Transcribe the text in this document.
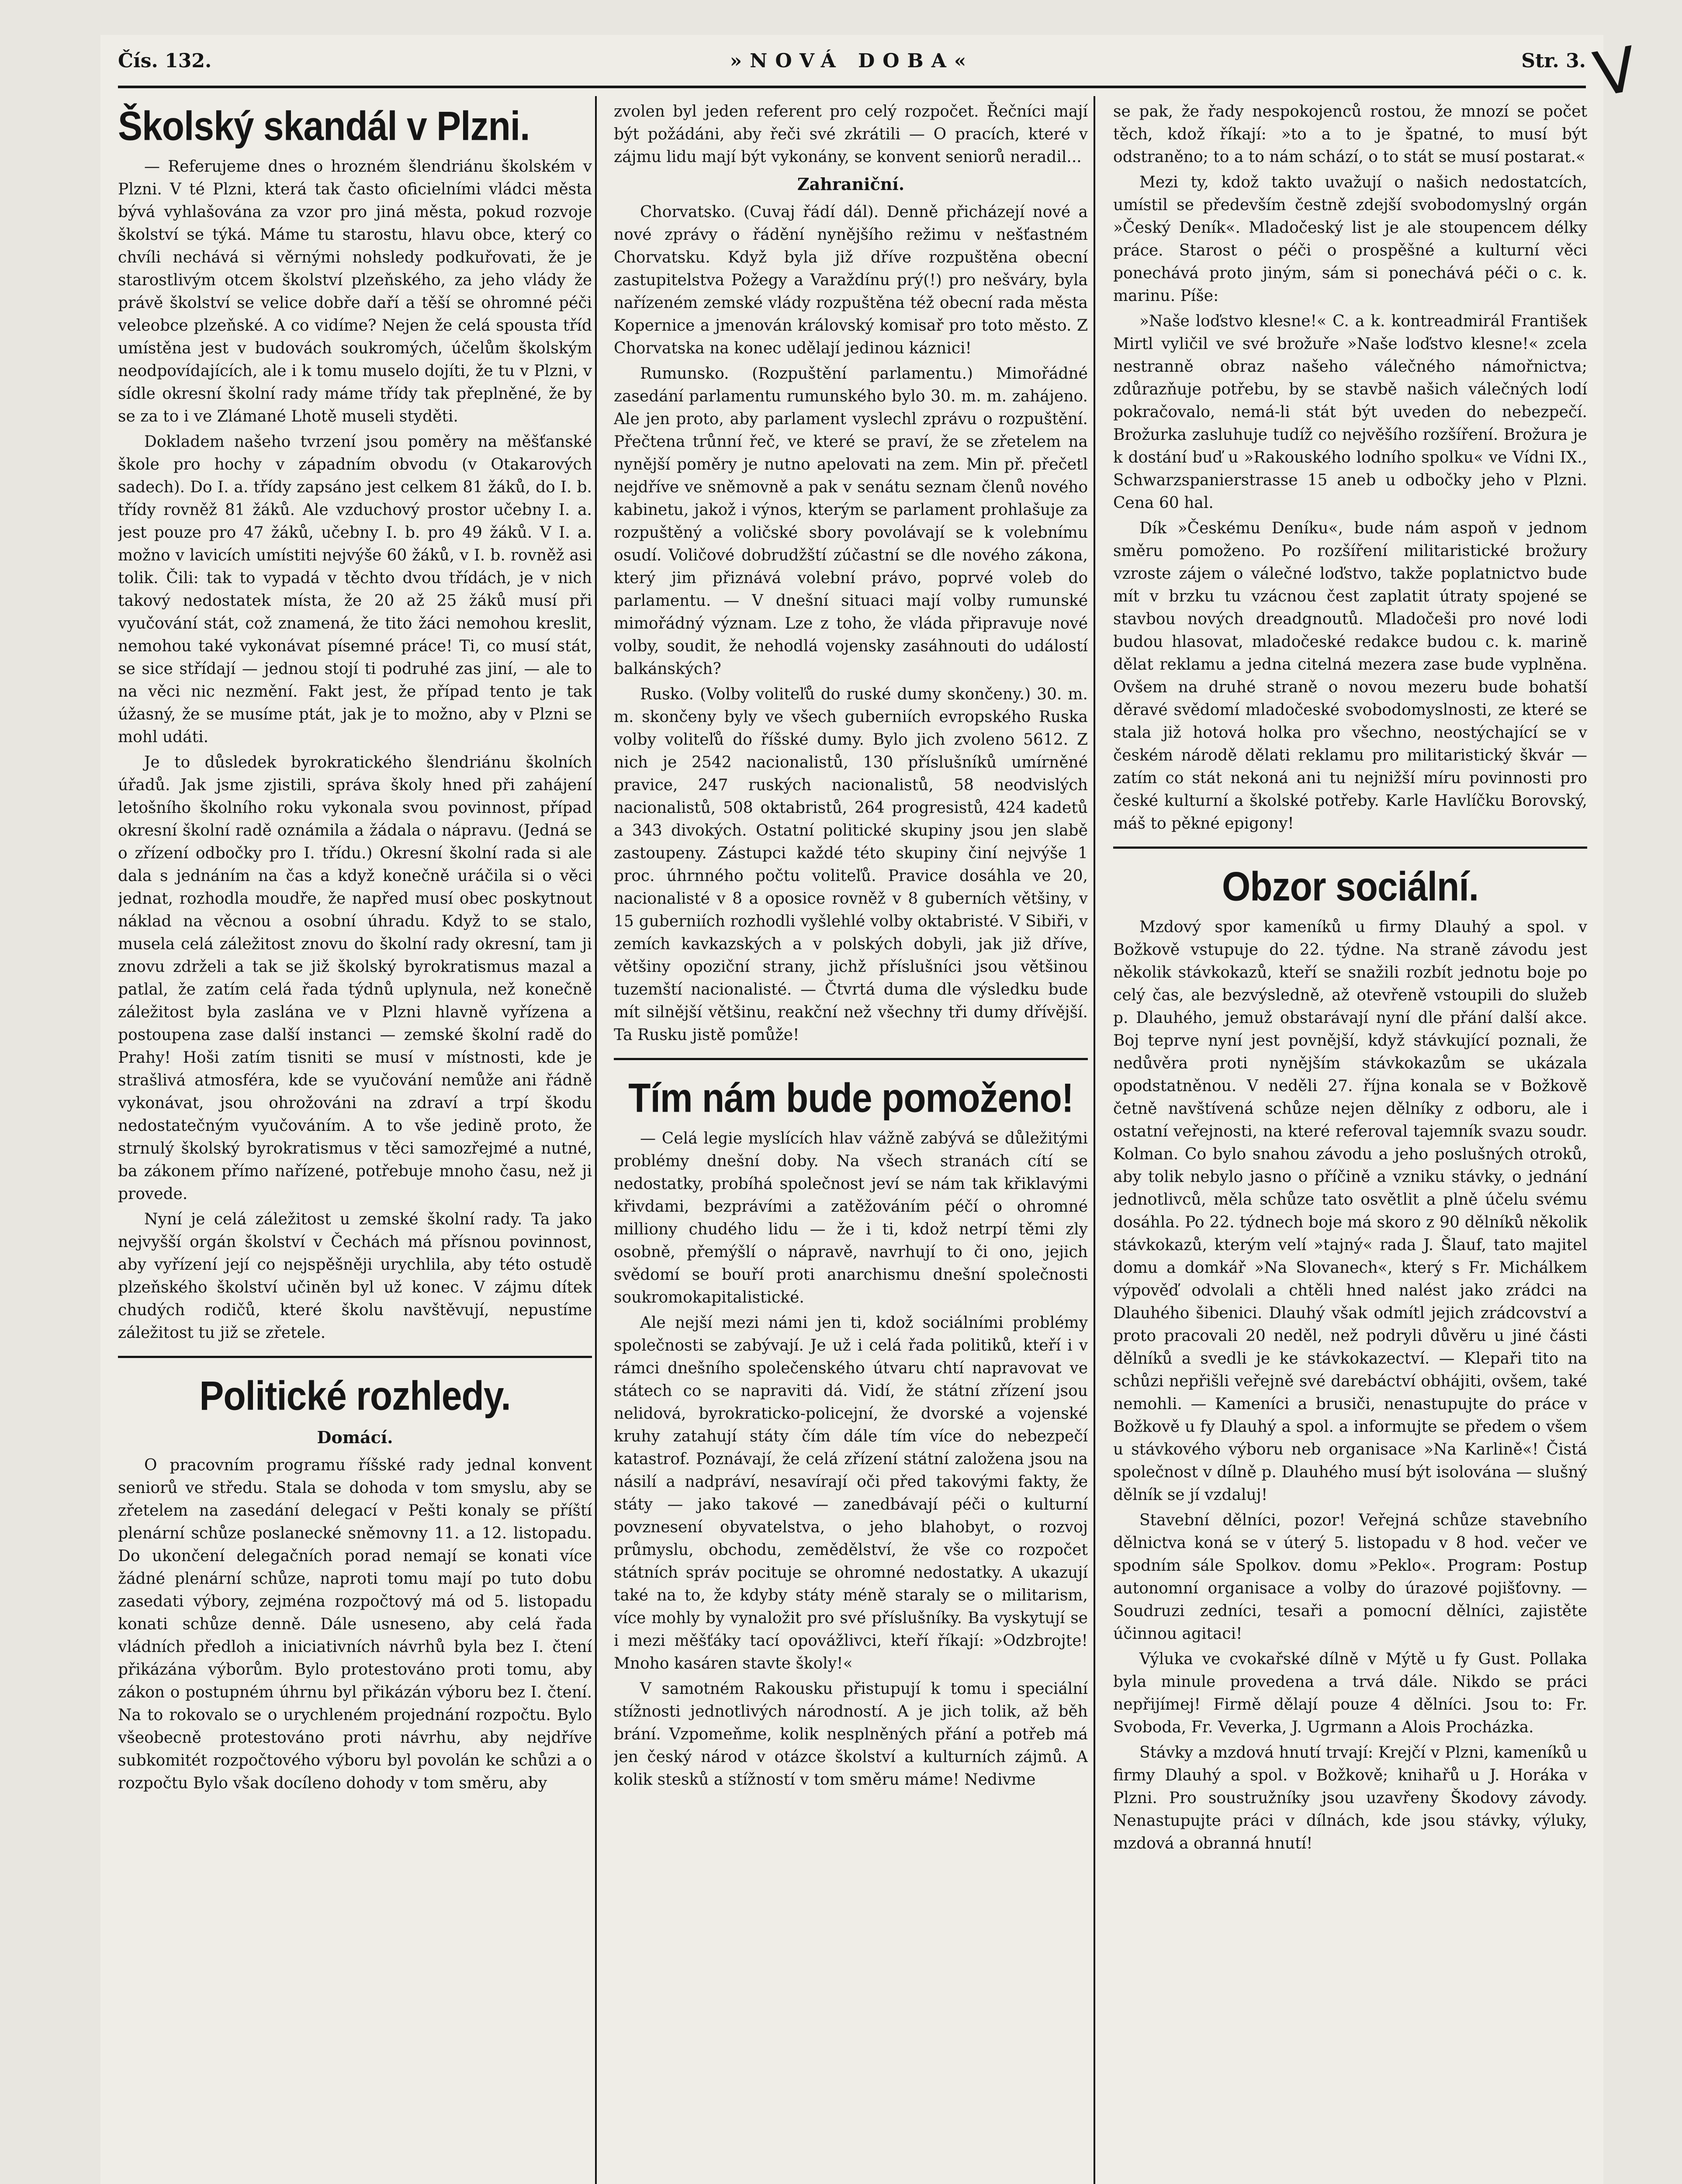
Čís. 132.	»NOVÁ DOBA«	Str. 3.
Školský skandál v Plzni.

— Referujeme dnes o hrozném šlendriánu školském v Plzni. V té Plzni, která tak často oficielními vládci města bývá vyhlašována za vzor pro jiná města, pokud rozvoje školství se týká. Máme tu starostu, hlavu obce, který co chvíli nechává si věrnými nohsledy podkuřovati, že je starostlivým otcem školství plzeňského, za jeho vlády že právě školství se velice dobře daří a těší se ohromné péči veleobce plzeňské. A co vidíme? Nejen že celá spousta tříd umístěna jest v budovách soukromých, účelům školským neodpovídajících, ale i k tomu muselo dojíti, že tu v Plzni, v sídle okresní školní rady máme třídy tak přeplněné, že by se za to i ve Zlámané Lhotě museli styděti.

Dokladem našeho tvrzení jsou poměry na měšťanské škole pro hochy v západním obvodu (v Otakarových sadech). Do I. a. třídy zapsáno jest celkem 81 žáků, do I. b. třídy rovněž 81 žáků. Ale vzduchový prostor učebny I. a. jest pouze pro 47 žáků, učebny I. b. pro 49 žáků. V I. a. možno v lavicích umístiti nejvýše 60 žáků, v I. b. rovněž asi tolik. Čili: tak to vypadá v těchto dvou třídách, je v nich takový nedostatek místa, že 20 až 25 žáků musí při vyučování stát, což znamená, že tito žáci nemohou kreslit, nemohou také vykonávat písemné práce! Ti, co musí stát, se sice střídají — jednou stojí ti podruhé zas jiní, — ale to na věci nic nezmění. Fakt jest, že případ tento je tak úžasný, že se musíme ptát, jak je to možno, aby v Plzni se mohl udáti.

Je to důsledek byrokratického šlendriánu školních úřadů. Jak jsme zjistili, správa školy hned při zahájení letošního školního roku vykonala svou povinnost, případ okresní školní radě oznámila a žádala o nápravu. (Jedná se o zřízení odbočky pro I. třídu.) Okresní školní rada si ale dala s jednáním na čas a když konečně uráčila si o věci jednat, rozhodla moudře, že napřed musí obec poskytnout náklad na věcnou a osobní úhradu. Když to se stalo, musela celá záležitost znovu do školní rady okresní, tam ji znovu zdrželi a tak se již školský byrokratismus mazal a patlal, že zatím celá řada týdnů uplynula, než konečně záležitost byla zaslána ve v Plzni hlavně vyřízena a postoupena zase další instanci — zemské školní radě do Prahy! Hoši zatím tisniti se musí v místnosti, kde je strašlivá atmosféra, kde se vyučování nemůže ani řádně vykonávat, jsou ohrožováni na zdraví a trpí škodu nedostatečným vyučováním. A to vše jedině proto, že strnulý školský byrokratismus v těci samozřejmé a nutné, ba zákonem přímo nařízené, potřebuje mnoho času, než ji provede.

Nyní je celá záležitost u zemské školní rady. Ta jako nejvyšší orgán školství v Čechách má přísnou povinnost, aby vyřízení její co nejspěšněji urychlila, aby této ostudě plzeňského školství učiněn byl už konec. V zájmu dítek chudých rodičů, které školu navštěvují, nepustíme záležitost tu již se zřetele.

Politické rozhledy.
Domácí.

O pracovním programu říšské rady jednal konvent seniorů ve středu. Stala se dohoda v tom smyslu, aby se zřetelem na zasedání delegací v Pešti konaly se příští plenární schůze poslanecké sněmovny 11. a 12. listopadu. Do ukončení delegačních porad nemají se konati více žádné plenární schůze, naproti tomu mají po tuto dobu zasedati výbory, zejména rozpočtový má od 5. listopadu konati schůze denně. Dále usneseno, aby celá řada vládních předloh a iniciativních návrhů byla bez I. čtení přikázána výborům. Bylo protestováno proti tomu, aby zákon o postupném úhrnu byl přikázán výboru bez I. čtení. Na to rokovalo se o urychleném projednání rozpočtu. Bylo všeobecně protestováno proti návrhu, aby nejdříve subkomitét rozpočtového výboru byl povolán ke schůzi a o rozpočtu Bylo však docíleno dohody v tom směru, aby

zvolen byl jeden referent pro celý rozpočet. Řečníci mají být požádáni, aby řeči své zkrátili — O pracích, které v zájmu lidu mají být vykonány, se konvent seniorů neradil...

Zahraniční.

Chorvatsko. (Cuvaj řádí dál). Denně přicházejí nové a nové zprávy o řádění nynějšího režimu v nešťastném Chorvatsku. Když byla již dříve rozpuštěna obecní zastupitelstva Požegy a Varaždínu prý(!) pro nešváry, byla nařízeném zemské vlády rozpuštěna též obecní rada města Kopernice a jmenován královský komisař pro toto město. Z Chorvatska na konec udělají jedinou káznici!

Rumunsko. (Rozpuštění parlamentu.) Mimořádné zasedání parlamentu rumunského bylo 30. m. m. zahájeno. Ale jen proto, aby parlament vyslechl zprávu o rozpuštění. Přečtena trůnní řeč, ve které se praví, že se zřetelem na nynější poměry je nutno apelovati na zem. Min př. přečetl nejdříve ve sněmovně a pak v senátu seznam členů nového kabinetu, jakož i výnos, kterým se parlament prohlašuje za rozpuštěný a voličské sbory povolávají se k volebnímu osudí. Voličové dobrudžští zúčastní se dle nového zákona, který jim přiznává volební právo, poprvé voleb do parlamentu. — V dnešní situaci mají volby rumunské mimořádný význam. Lze z toho, že vláda připravuje nové volby, soudit, že nehodlá vojensky zasáhnouti do událostí balkánských?

Rusko. (Volby voliteľů do ruské dumy skončeny.) 30. m. m. skončeny byly ve všech guberniích evropského Ruska volby voliteľů do říšské dumy. Bylo jich zvoleno 5612. Z nich je 2542 nacionalistů, 130 příslušníků umírněné pravice, 247 ruských nacionalistů, 58 neodvislých nacionalistů, 508 oktabristů, 264 progresistů, 424 kadetů a 343 divokých. Ostatní politické skupiny jsou jen slabě zastoupeny. Zástupci každé této skupiny činí nejvýše 1 proc. úhrnného počtu voliteľů. Pravice dosáhla ve 20, nacionalisté v 8 a oposice rovněž v 8 guberních většiny, v 15 guberniích rozhodli vyšlehlé volby oktabristé. V Sibiři, v zemích kavkazských a v polských dobyli, jak již dříve, většiny opoziční strany, jichž příslušníci jsou většinou tuzemští nacionalisté. — Čtvrtá duma dle výsledku bude mít silnější většinu, reakční než všechny tři dumy dřívější. Ta Rusku jistě pomůže!

Tím nám bude pomoženo!

— Celá legie myslících hlav vážně zabývá se důležitými problémy dnešní doby. Na všech stranách cítí se nedostatky, probíhá společnost jeví se nám tak křiklavými křivdami, bezprávími a zatěžováním péčí o ohromné milliony chudého lidu — že i ti, kdož netrpí těmi zly osobně, přemýšlí o nápravě, navrhují to či ono, jejich svědomí se bouří proti anarchismu dnešní společnosti soukromokapitalistické.

Ale nejší mezi námi jen ti, kdož sociálními problémy společnosti se zabývají. Je už i celá řada politiků, kteří i v rámci dnešního společenského útvaru chtí napravovat ve státech co se napraviti dá. Vidí, že státní zřízení jsou nelidová, byrokraticko-policejní, že dvorské a vojenské kruhy zatahují státy čím dále tím více do nebezpečí katastrof. Poznávají, že celá zřízení státní založena jsou na násilí a nadpráví, nesavírají oči před takovými fakty, že státy — jako takové — zanedbávají péči o kulturní povznesení obyvatelstva, o jeho blahobyt, o rozvoj průmyslu, obchodu, zemědělství, že vše co rozpočet státních správ pocituje se ohromné nedostatky. A ukazují také na to, že kdyby státy méně staraly se o militarism, více mohly by vynaložit pro své příslušníky. Ba vyskytují se i mezi měšťáky tací opovážlivci, kteří říkají: »Odzbrojte! Mnoho kasáren stavte školy!«

V samotném Rakousku přistupují k tomu i speciální stížnosti jednotlivých národností. A je jich tolik, až běh brání. Vzpomeňme, kolik nesplněných přání a potřeb má jen český národ v otázce školství a kulturních zájmů. A kolik stesků a stížností v tom směru máme! Nedivme

se pak, že řady nespokojenců rostou, že mnozí se počet těch, kdož říkají: »to a to je špatné, to musí být odstraněno; to a to nám schází, o to stát se musí postarat.«

Mezi ty, kdož takto uvažují o našich nedostatcích, umístil se především čestně zdejší svobodomyslný orgán »Český Deník«. Mladočeský list je ale stoupencem délky práce. Starost o péči o prospěšné a kulturní věci ponechává proto jiným, sám si ponechává péči o c. k. marinu. Píše:

»Naše loďstvo klesne!« C. a k. kontreadmirál František Mirtl vyličil ve své brožuře »Naše loďstvo klesne!« zcela nestranně obraz našeho válečného námořnictva; zdůrazňuje potřebu, by se stavbě našich válečných lodí pokračovalo, nemá-li stát být uveden do nebezpečí. Brožurka zasluhuje tudíž co nejvěšího rozšíření. Brožura je k dostání buď u »Rakouského lodního spolku« ve Vídni IX., Schwarzspanierstrasse 15 aneb u odbočky jeho v Plzni. Cena 60 hal.

Dík »Českému Deníku«, bude nám aspoň v jednom směru pomoženo. Po rozšíření militaristické brožury vzroste zájem o válečné loďstvo, takže poplatnictvo bude mít v brzku tu vzácnou čest zaplatit útraty spojené se stavbou nových dreadgnoutů. Mladočeši pro nové lodi budou hlasovat, mladočeské redakce budou c. k. marině dělat reklamu a jedna citelná mezera zase bude vyplněna. Ovšem na druhé straně o novou mezeru bude bohatší děravé svědomí mladočeské svobodomyslnosti, ze které se stala již hotová holka pro všechno, neostýchající se v českém národě dělati reklamu pro militaristický škvár — zatím co stát nekoná ani tu nejnižší míru povinnosti pro české kulturní a školské potřeby. Karle Havlíčku Borovský, máš to pěkné epigony!

Obzor sociální.

Mzdový spor kameníků u firmy Dlauhý a spol. v Božkově vstupuje do 22. týdne. Na straně závodu jest několik stávkokazů, kteří se snažili rozbít jednotu boje po celý čas, ale bezvýsledně, až otevřeně vstoupili do služeb p. Dlauhého, jemuž obstarávají nyní dle přání další akce. Boj teprve nyní jest povnější, když stávkující poznali, že nedůvěra proti nynějším stávkokazům se ukázala opodstatněnou. V neděli 27. října konala se v Božkově četně navštívená schůze nejen dělníky z odboru, ale i ostatní veřejnosti, na které referoval tajemník svazu soudr. Kolman. Co bylo snahou závodu a jeho poslušných otroků, aby tolik nebylo jasno o příčině a vzniku stávky, o jednání jednotlivců, měla schůze tato osvětlit a plně účelu svému dosáhla. Po 22. týdnech boje má skoro z 90 dělníků několik stávkokazů, kterým velí »tajný« rada J. Šlauf, tato majitel domu a domkář »Na Slovanech«, který s Fr. Michálkem výpověď odvolali a chtěli hned nalést jako zrádci na Dlauhého šibenici. Dlauhý však odmítl jejich zrádcovství a proto pracovali 20 neděl, než podryli důvěru u jiné části dělníků a svedli je ke stávkokazectví. — Klepaři tito na schůzi nepřišli veřejně své darebáctví obhájiti, ovšem, také nemohli. — Kameníci a brusiči, nenastupujte do práce v Božkově u fy Dlauhý a spol. a informujte se předem o všem u stávkového výboru neb organisace »Na Karlině«! Čistá společnost v dílně p. Dlauhého musí být isolována — slušný dělník se jí vzdaluj!

Stavební dělníci, pozor! Veřejná schůze stavebního dělnictva koná se v úterý 5. listopadu v 8 hod. večer ve spodním sále Spolkov. domu »Peklo«. Program: Postup autonomní organisace a volby do úrazové pojišťovny. — Soudruzi zedníci, tesaři a pomocní dělníci, zajistěte účinnou agitaci!

Výluka ve cvokařské dílně v Mýtě u fy Gust. Pollaka byla minule provedena a trvá dále. Nikdo se práci nepřijímej! Firmě dělají pouze 4 dělníci. Jsou to: Fr. Svoboda, Fr. Veverka, J. Ugrmann a Alois Procházka.

Stávky a mzdová hnutí trvají: Krejčí v Plzni, kameníků u firmy Dlauhý a spol. v Božkově; knihařů u J. Horáka v Plzni. Pro soustružníky jsou uzavřeny Škodovy závody. Nenastupujte práci v dílnách, kde jsou stávky, výluky, mzdová a obranná hnutí!

V
